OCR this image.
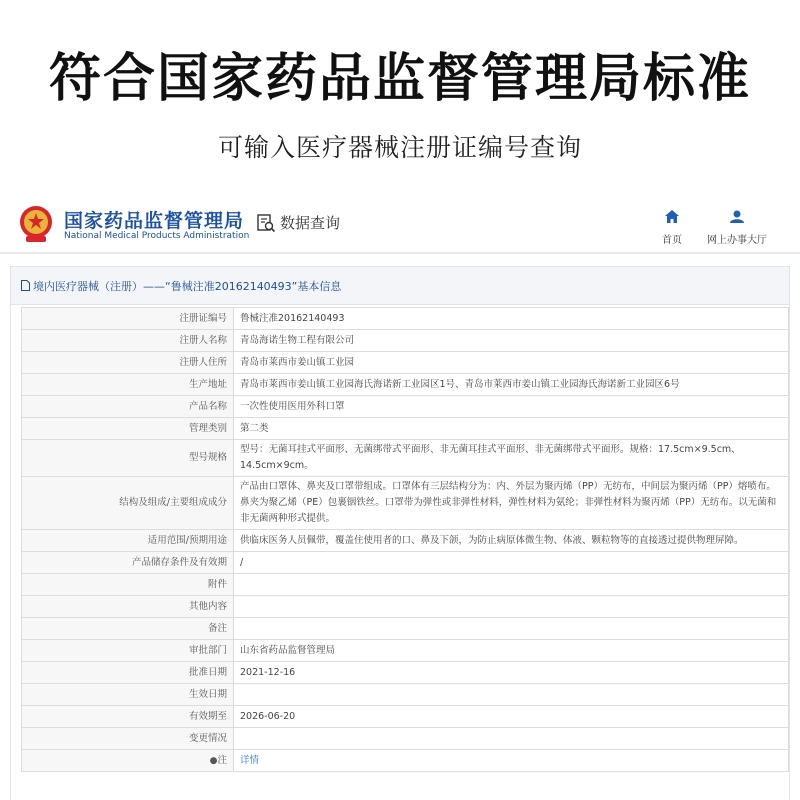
符合国家药品监督管理局标准
可输入医疗器械注册证编号查询
国家药品监督管理局
National Medical Products Administration
数据查询
首页	网上办事大厅
境内医疗器械（注册）——“鲁械注准20162140493”基本信息
注册证编号	鲁械注准20162140493
注册人名称	青岛海诺生物工程有限公司
注册人住所	青岛市莱西市姜山镇工业园
生产地址	青岛市莱西市姜山镇工业园海氏海诺新工业园区1号、青岛市莱西市姜山镇工业园海氏海诺新工业园区6号
产品名称	一次性使用医用外科口罩
管理类别	第二类
型号规格	型号：无菌耳挂式平面形、无菌绑带式平面形、非无菌耳挂式平面形、非无菌绑带式平面形。规格：17.5cm×9.5cm、14.5cm×9cm。
结构及组成/主要组成成分	产品由口罩体、鼻夹及口罩带组成。口罩体有三层结构分为：内、外层为聚丙烯（PP）无纺布，中间层为聚丙烯（PP）熔喷布。鼻夹为聚乙烯（PE）包裹铟铁丝。口罩带为弹性或非弹性材料，弹性材料为氨纶；非弹性材料为聚丙烯（PP）无纺布。以无菌和非无菌两种形式提供。
适用范围/预期用途	供临床医务人员佩带，覆盖住使用者的口、鼻及下颌，为防止病原体微生物、体液、颗粒物等的直接透过提供物理屏障。
产品储存条件及有效期	/
附件	
其他内容	
备注	
审批部门	山东省药品监督管理局
批准日期	2021-12-16
生效日期	
有效期至	2026-06-20
变更情况	
●注	详情
